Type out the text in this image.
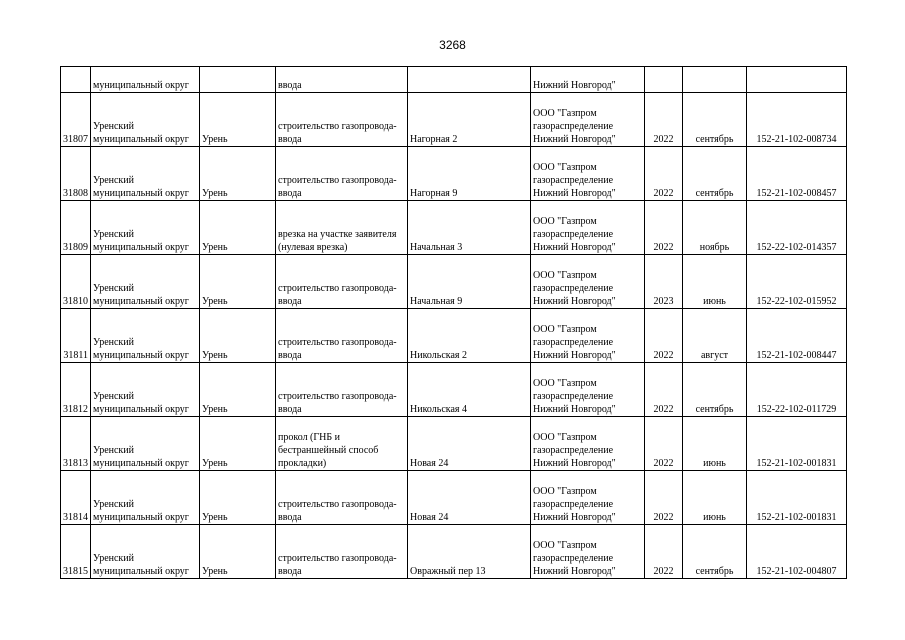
3268

	муниципальный округ		ввода		Нижний Новгород"			

31807	Уренский
муниципальный округ	Урень	строительство газопровода-
ввода	Нагорная 2	ООО "Газпром
газораспределение
Нижний Новгород"	2022	сентябрь	152-21-102-008734
31808	Уренский
муниципальный округ	Урень	строительство газопровода-
ввода	Нагорная 9	ООО "Газпром
газораспределение
Нижний Новгород"	2022	сентябрь	152-21-102-008457
31809	Уренский
муниципальный округ	Урень	врезка на участке заявителя
(нулевая врезка)	Начальная 3	ООО "Газпром
газораспределение
Нижний Новгород"	2022	ноябрь	152-22-102-014357
31810	Уренский
муниципальный округ	Урень	строительство газопровода-
ввода	Начальная 9	ООО "Газпром
газораспределение
Нижний Новгород"	2023	июнь	152-22-102-015952
31811	Уренский
муниципальный округ	Урень	строительство газопровода-
ввода	Никольская 2	ООО "Газпром
газораспределение
Нижний Новгород"	2022	август	152-21-102-008447
31812	Уренский
муниципальный округ	Урень	строительство газопровода-
ввода	Никольская 4	ООО "Газпром
газораспределение
Нижний Новгород"	2022	сентябрь	152-22-102-011729
31813	Уренский
муниципальный округ	Урень	прокол (ГНБ и
бестраншейный способ
прокладки)	Новая 24	ООО "Газпром
газораспределение
Нижний Новгород"	2022	июнь	152-21-102-001831
31814	Уренский
муниципальный округ	Урень	строительство газопровода-
ввода	Новая 24	ООО "Газпром
газораспределение
Нижний Новгород"	2022	июнь	152-21-102-001831
31815	Уренский
муниципальный округ	Урень	строительство газопровода-
ввода	Овражный пер 13	ООО "Газпром
газораспределение
Нижний Новгород"	2022	сентябрь	152-21-102-004807
